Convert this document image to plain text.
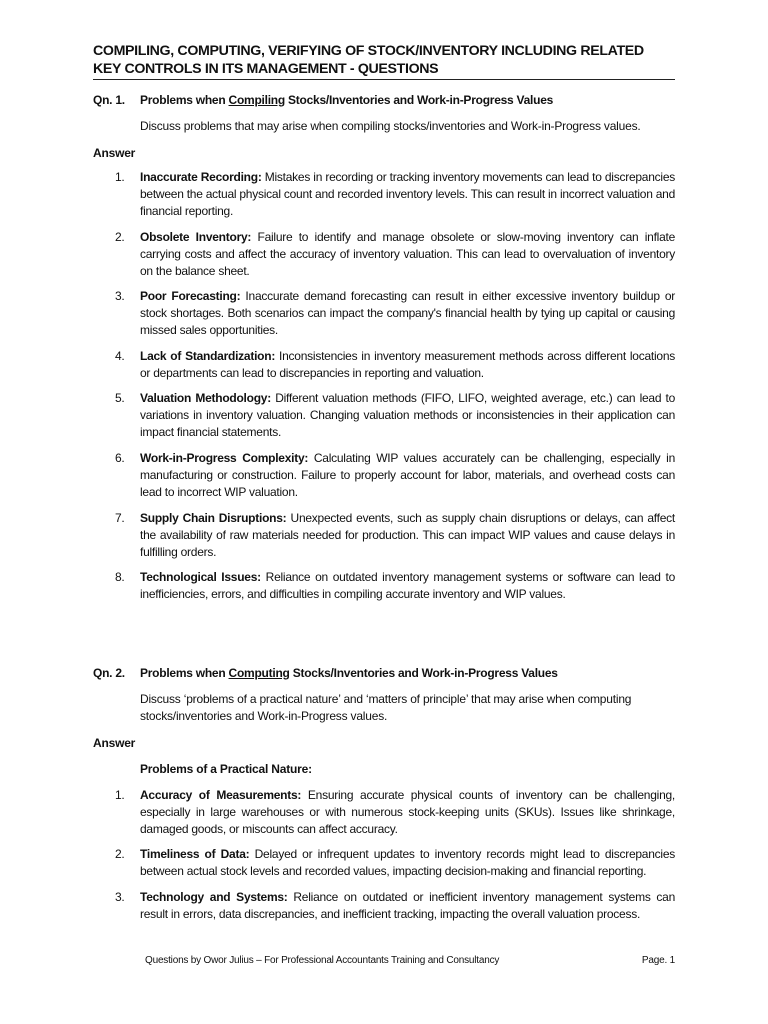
COMPILING, COMPUTING, VERIFYING OF STOCK/INVENTORY INCLUDING RELATED KEY CONTROLS IN ITS MANAGEMENT - QUESTIONS
Qn. 1. Problems when Compiling Stocks/Inventories and Work-in-Progress Values
Discuss problems that may arise when compiling stocks/inventories and Work-in-Progress values.
Answer
1. Inaccurate Recording: Mistakes in recording or tracking inventory movements can lead to discrepancies between the actual physical count and recorded inventory levels. This can result in incorrect valuation and financial reporting.
2. Obsolete Inventory: Failure to identify and manage obsolete or slow-moving inventory can inflate carrying costs and affect the accuracy of inventory valuation. This can lead to overvaluation of inventory on the balance sheet.
3. Poor Forecasting: Inaccurate demand forecasting can result in either excessive inventory buildup or stock shortages. Both scenarios can impact the company's financial health by tying up capital or causing missed sales opportunities.
4. Lack of Standardization: Inconsistencies in inventory measurement methods across different locations or departments can lead to discrepancies in reporting and valuation.
5. Valuation Methodology: Different valuation methods (FIFO, LIFO, weighted average, etc.) can lead to variations in inventory valuation. Changing valuation methods or inconsistencies in their application can impact financial statements.
6. Work-in-Progress Complexity: Calculating WIP values accurately can be challenging, especially in manufacturing or construction. Failure to properly account for labor, materials, and overhead costs can lead to incorrect WIP valuation.
7. Supply Chain Disruptions: Unexpected events, such as supply chain disruptions or delays, can affect the availability of raw materials needed for production. This can impact WIP values and cause delays in fulfilling orders.
8. Technological Issues: Reliance on outdated inventory management systems or software can lead to inefficiencies, errors, and difficulties in compiling accurate inventory and WIP values.
Qn. 2. Problems when Computing Stocks/Inventories and Work-in-Progress Values
Discuss ‘problems of a practical nature’ and ‘matters of principle’ that may arise when computing stocks/inventories and Work-in-Progress values.
Answer
Problems of a Practical Nature:
1. Accuracy of Measurements: Ensuring accurate physical counts of inventory can be challenging, especially in large warehouses or with numerous stock-keeping units (SKUs). Issues like shrinkage, damaged goods, or miscounts can affect accuracy.
2. Timeliness of Data: Delayed or infrequent updates to inventory records might lead to discrepancies between actual stock levels and recorded values, impacting decision-making and financial reporting.
3. Technology and Systems: Reliance on outdated or inefficient inventory management systems can result in errors, data discrepancies, and inefficient tracking, impacting the overall valuation process.
Questions by Owor Julius – For Professional Accountants Training and Consultancy	Page. 1
